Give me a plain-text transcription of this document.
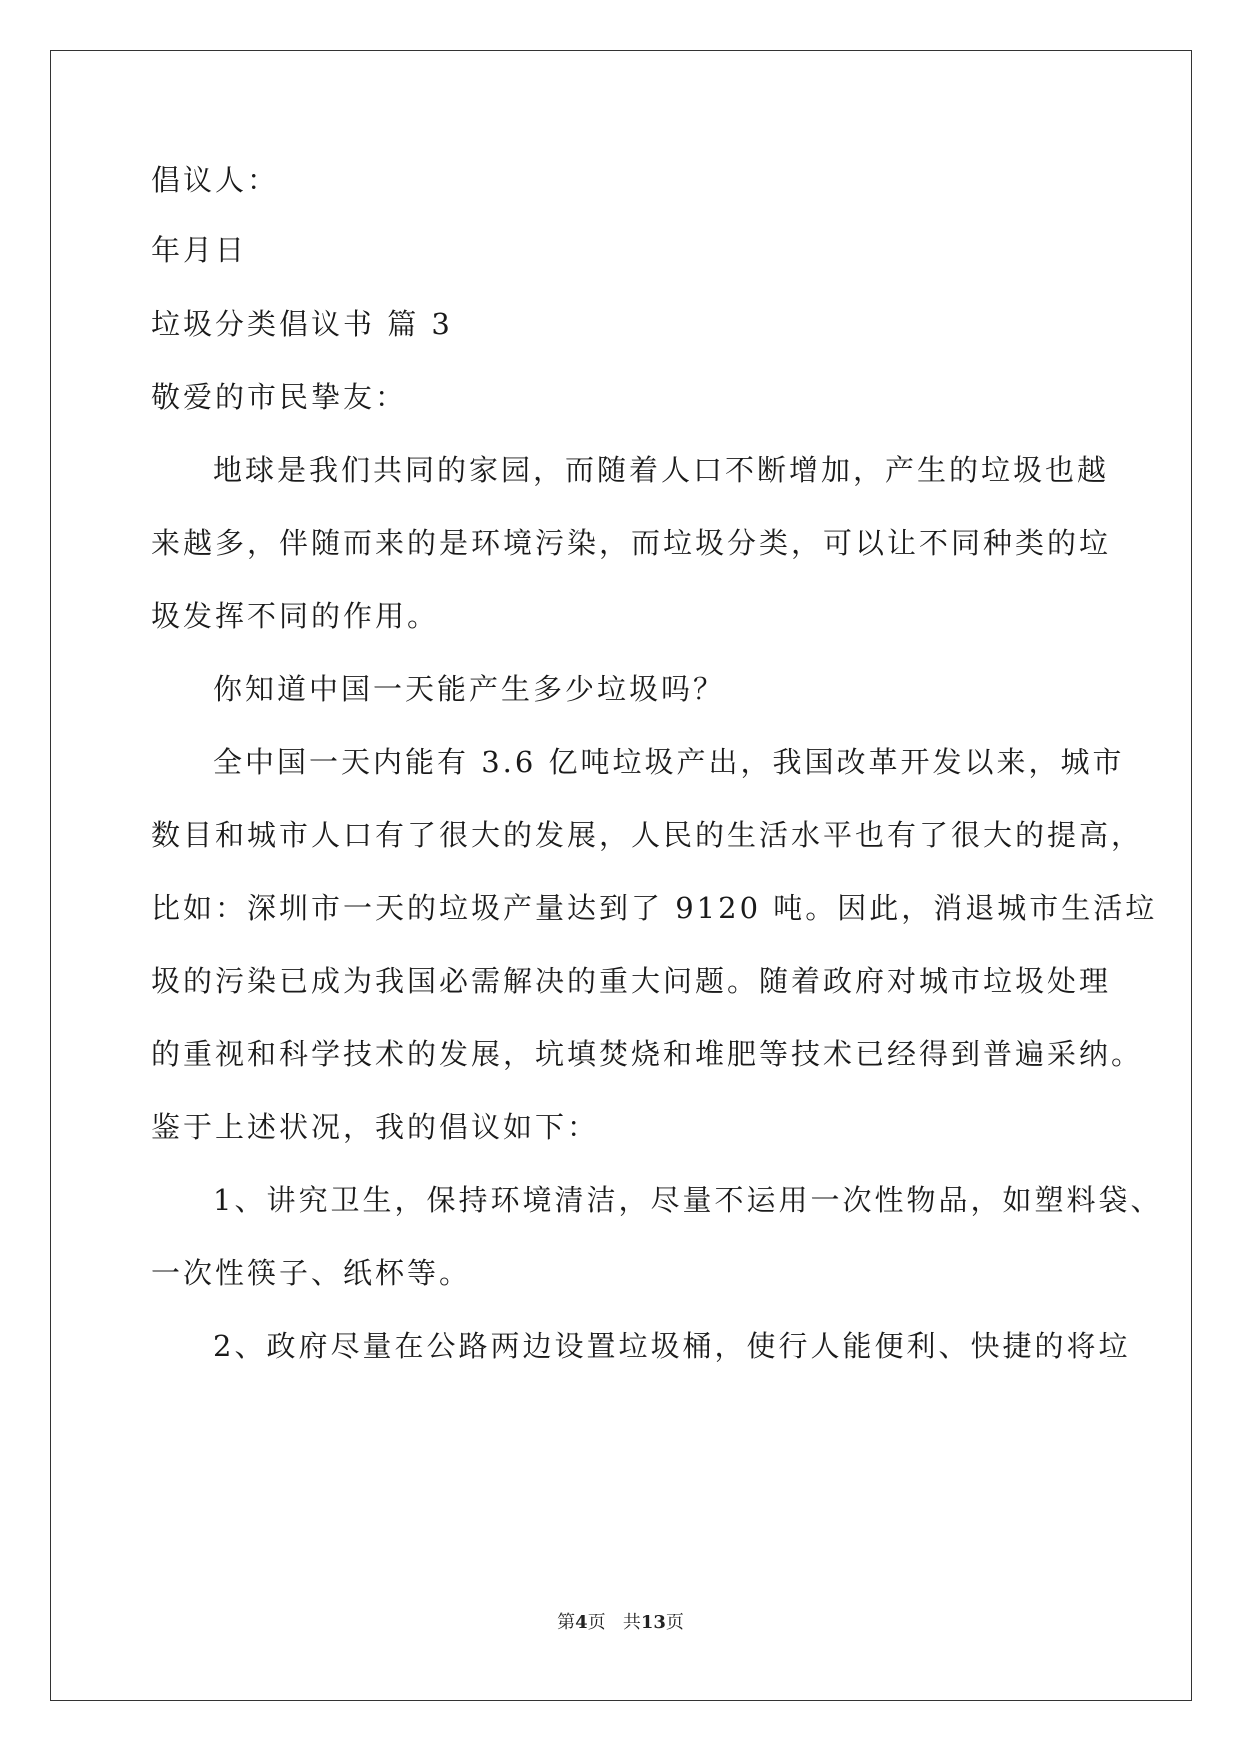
倡议人：
年月日
垃圾分类倡议书 篇 3
敬爱的市民挚友：
地球是我们共同的家园，而随着人口不断增加，产生的垃圾也越
来越多，伴随而来的是环境污染，而垃圾分类，可以让不同种类的垃
圾发挥不同的作用。
你知道中国一天能产生多少垃圾吗？
全中国一天内能有 3.6 亿吨垃圾产出，我国改革开发以来，城市
数目和城市人口有了很大的发展，人民的生活水平也有了很大的提高，
比如：深圳市一天的垃圾产量达到了 9120 吨。因此，消退城市生活垃
圾的污染已成为我国必需解决的重大问题。随着政府对城市垃圾处理
的重视和科学技术的发展，坑填焚烧和堆肥等技术已经得到普遍采纳。
鉴于上述状况，我的倡议如下：
1、讲究卫生，保持环境清洁，尽量不运用一次性物品，如塑料袋、
一次性筷子、纸杯等。
2、政府尽量在公路两边设置垃圾桶，使行人能便利、快捷的将垃
第4页 共13页
